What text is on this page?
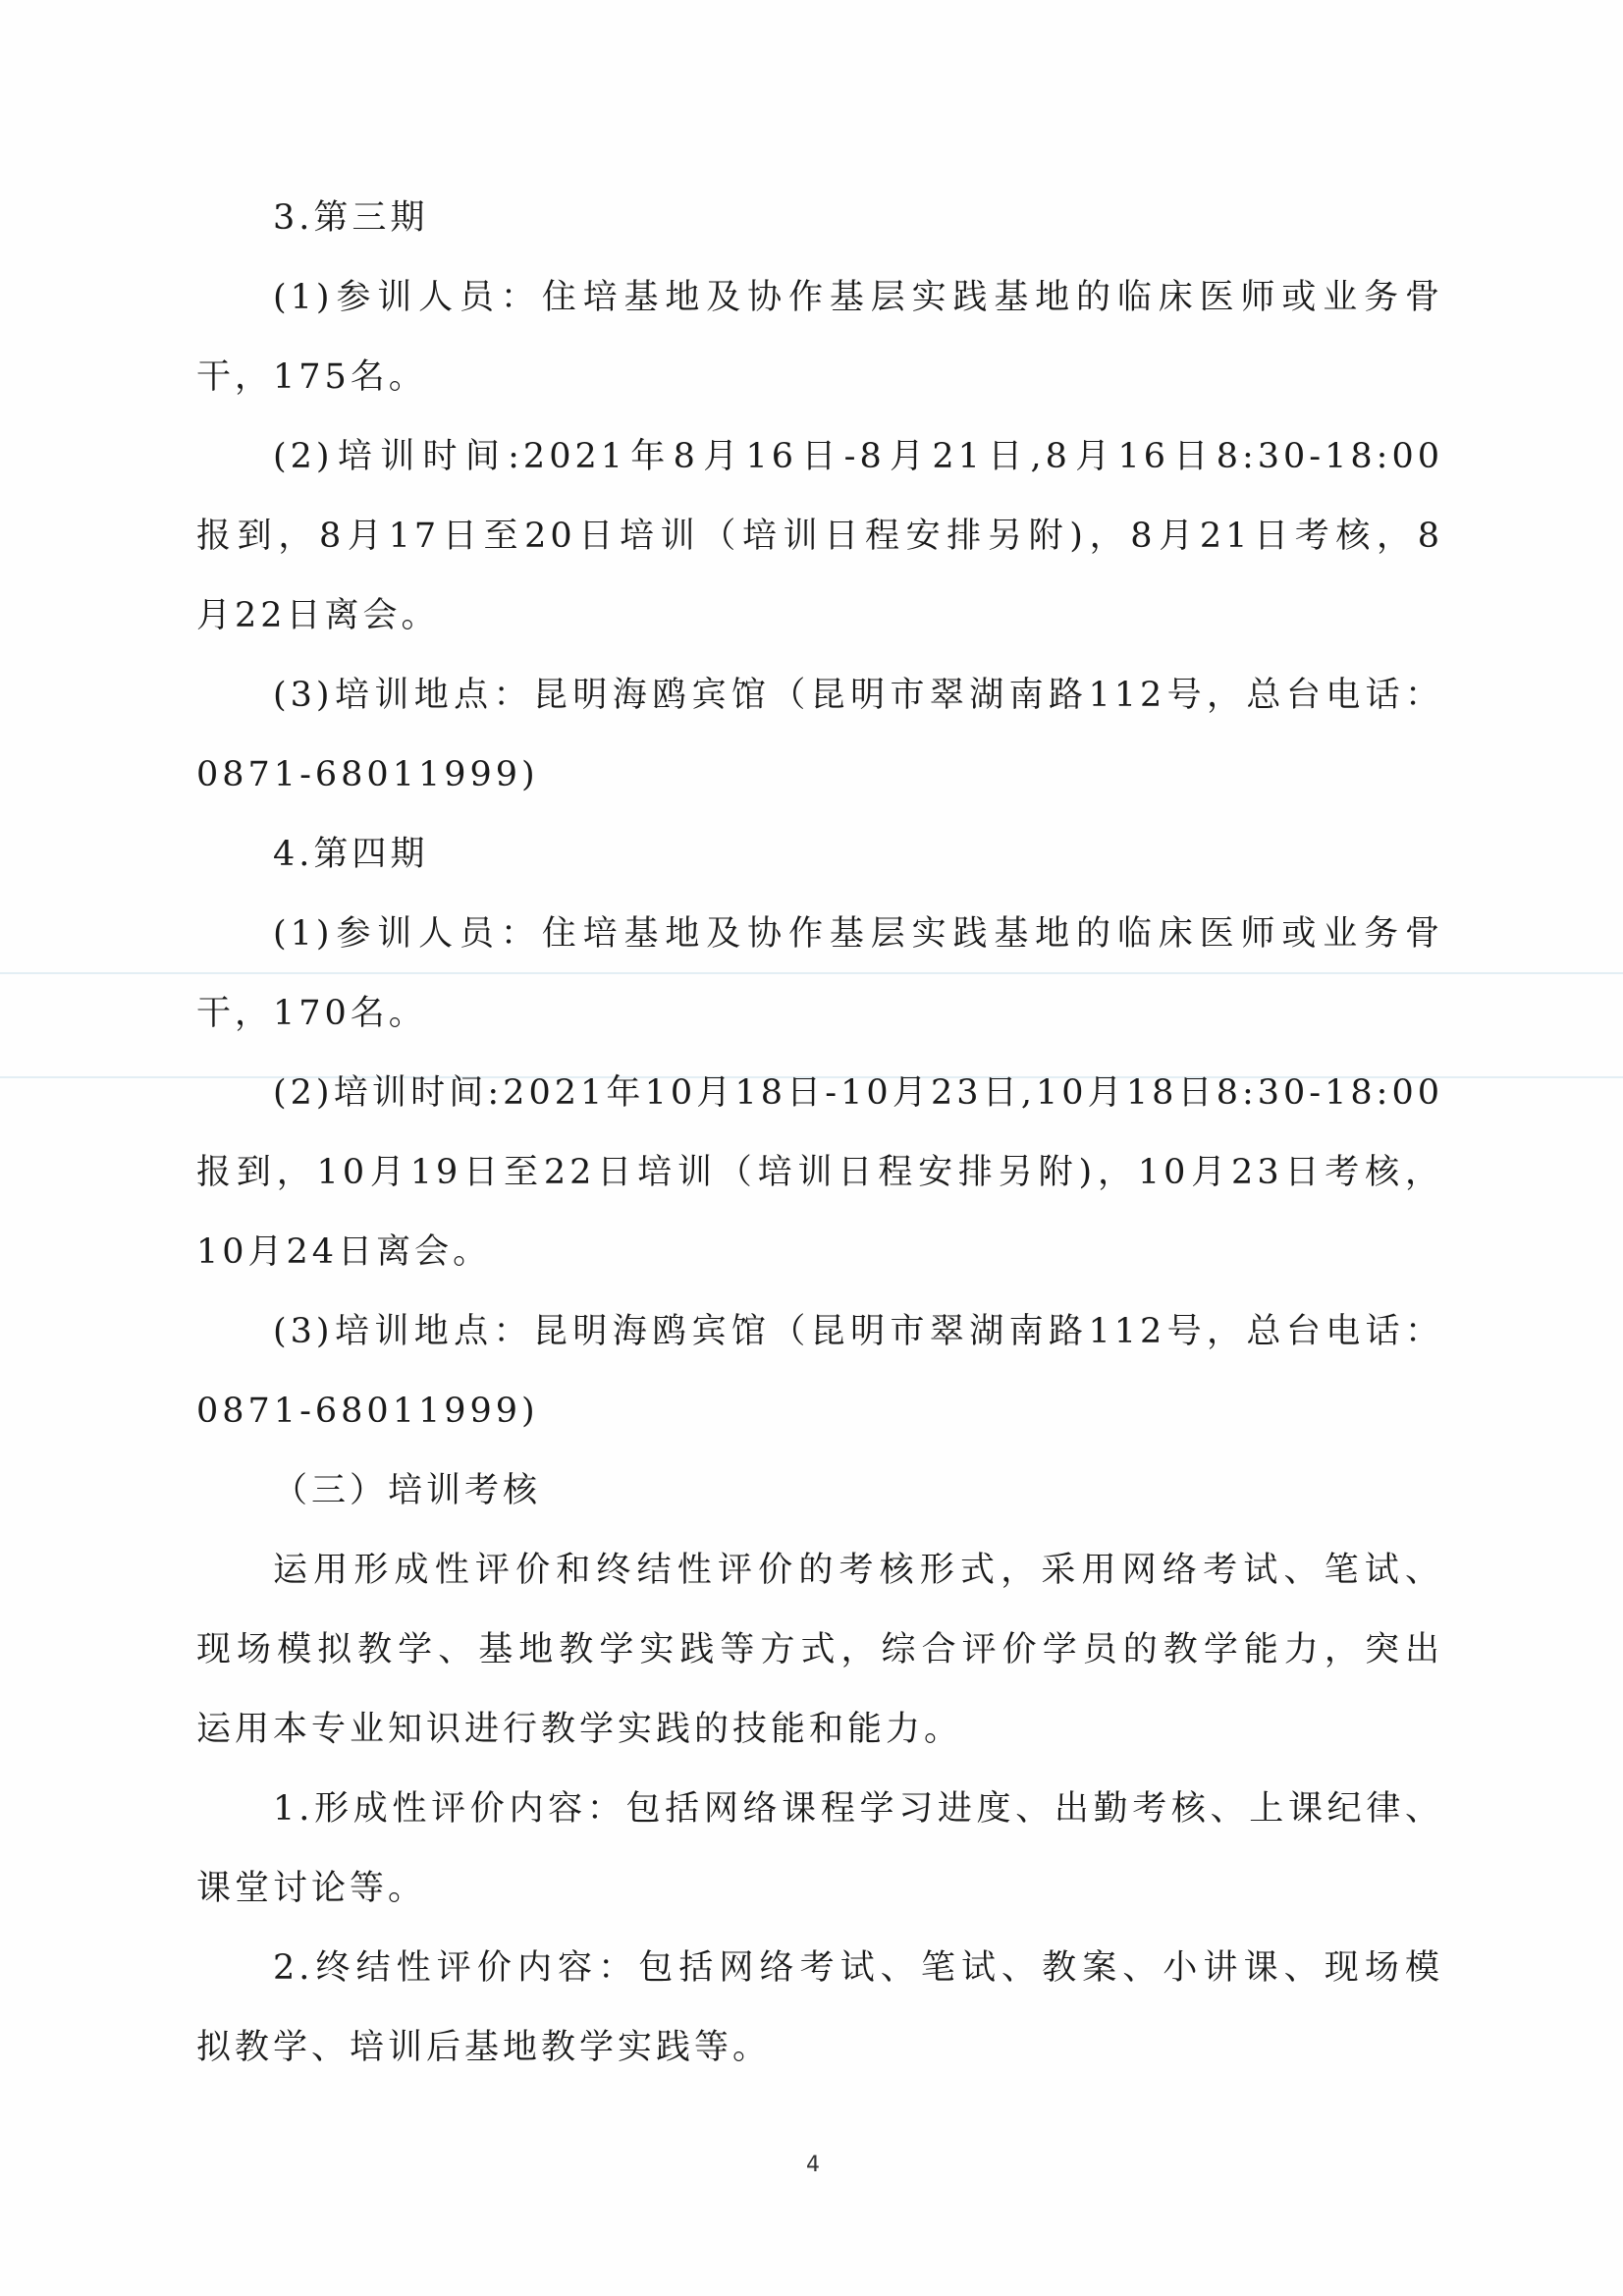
3.第三期
(1)参训人员：住培基地及协作基层实践基地的临床医师或业务骨
干，175名。
(2)培训时间:2021年8月16日-8月21日,8月16日8:30-18:00
报到，8月17日至20日培训（培训日程安排另附)，8月21日考核，8
月22日离会。
(3)培训地点：昆明海鸥宾馆（昆明市翠湖南路112号，总台电话：
0871-68011999)
4.第四期
(1)参训人员：住培基地及协作基层实践基地的临床医师或业务骨
干，170名。
(2)培训时间:2021年10月18日-10月23日,10月18日8:30-18:00
报到，10月19日至22日培训（培训日程安排另附)，10月23日考核，
10月24日离会。
(3)培训地点：昆明海鸥宾馆（昆明市翠湖南路112号，总台电话：
0871-68011999)
（三）培训考核
运用形成性评价和终结性评价的考核形式，采用网络考试、笔试、
现场模拟教学、基地教学实践等方式，综合评价学员的教学能力，突出
运用本专业知识进行教学实践的技能和能力。
1.形成性评价内容：包括网络课程学习进度、出勤考核、上课纪律、
课堂讨论等。
2.终结性评价内容：包括网络考试、笔试、教案、小讲课、现场模
拟教学、培训后基地教学实践等。
4
